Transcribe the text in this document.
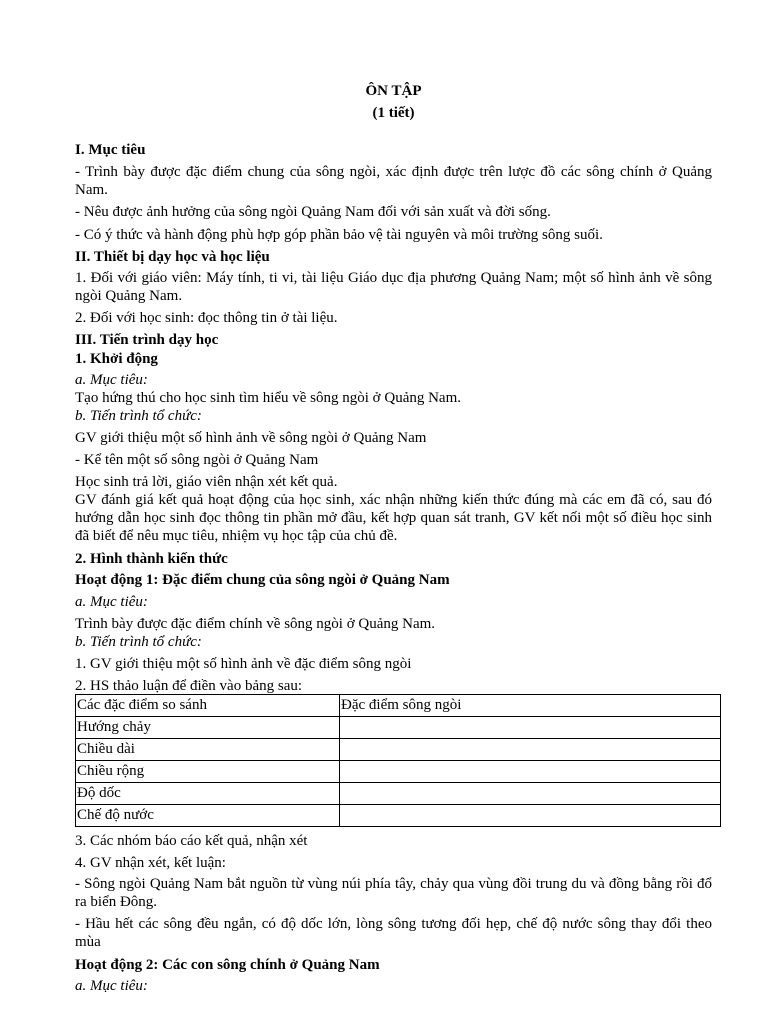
ÔN TẬP
(1 tiết)
I. Mục tiêu
- Trình bày được đặc điểm chung của sông ngòi, xác định được trên lược đồ các sông chính ở Quảng Nam.
- Nêu được ảnh hưởng của sông ngòi Quảng Nam đối với sản xuất và đời sống.
- Có ý thức và hành động phù hợp góp phần bảo vệ tài nguyên và môi trường sông suối.
II. Thiết bị dạy học và học liệu
1. Đối với giáo viên: Máy tính, ti vi, tài liệu Giáo dục địa phương Quảng Nam; một số hình ảnh về sông ngòi Quảng Nam.
2. Đối với học sinh: đọc thông tin ở tài liệu.
III. Tiến trình dạy học
1. Khởi động
a. Mục tiêu:
Tạo hứng thú cho học sinh tìm hiểu về sông ngòi ở Quảng Nam.
b. Tiến trình tổ chức:
GV giới thiệu một số hình ảnh về sông ngòi ở Quảng Nam
- Kể tên một số sông ngòi ở Quảng Nam
Học sinh trả lời, giáo viên nhận xét kết quả.
GV đánh giá kết quả hoạt động của học sinh, xác nhận những kiến thức đúng mà các em đã có, sau đó hướng dẫn học sinh đọc thông tin phần mở đầu, kết hợp quan sát tranh, GV kết nối một số điều học sinh đã biết để nêu mục tiêu, nhiệm vụ học tập của chủ đề.
2. Hình thành kiến thức
Hoạt động 1: Đặc điểm chung của sông ngòi ở Quảng Nam
a. Mục tiêu:
Trình bày được đặc điểm chính về sông ngòi ở Quảng Nam.
b. Tiến trình tổ chức:
1. GV giới thiệu một số hình ảnh về đặc điểm sông ngòi
2. HS thảo luận để điền vào bảng sau:
Các đặc điểm so sánh	Đặc điểm sông ngòi
Hướng chảy	
Chiều dài	
Chiều rộng	
Độ dốc	
Chế độ nước	
3. Các nhóm báo cáo kết quả, nhận xét
4. GV nhận xét, kết luận:
- Sông ngòi Quảng Nam bắt nguồn từ vùng núi phía tây, chảy qua vùng đồi trung du và đồng bằng rồi đổ ra biển Đông.
- Hầu hết các sông đều ngắn, có độ dốc lớn, lòng sông tương đối hẹp, chế độ nước sông thay đổi theo mùa
Hoạt động 2: Các con sông chính ở Quảng Nam
a. Mục tiêu:
